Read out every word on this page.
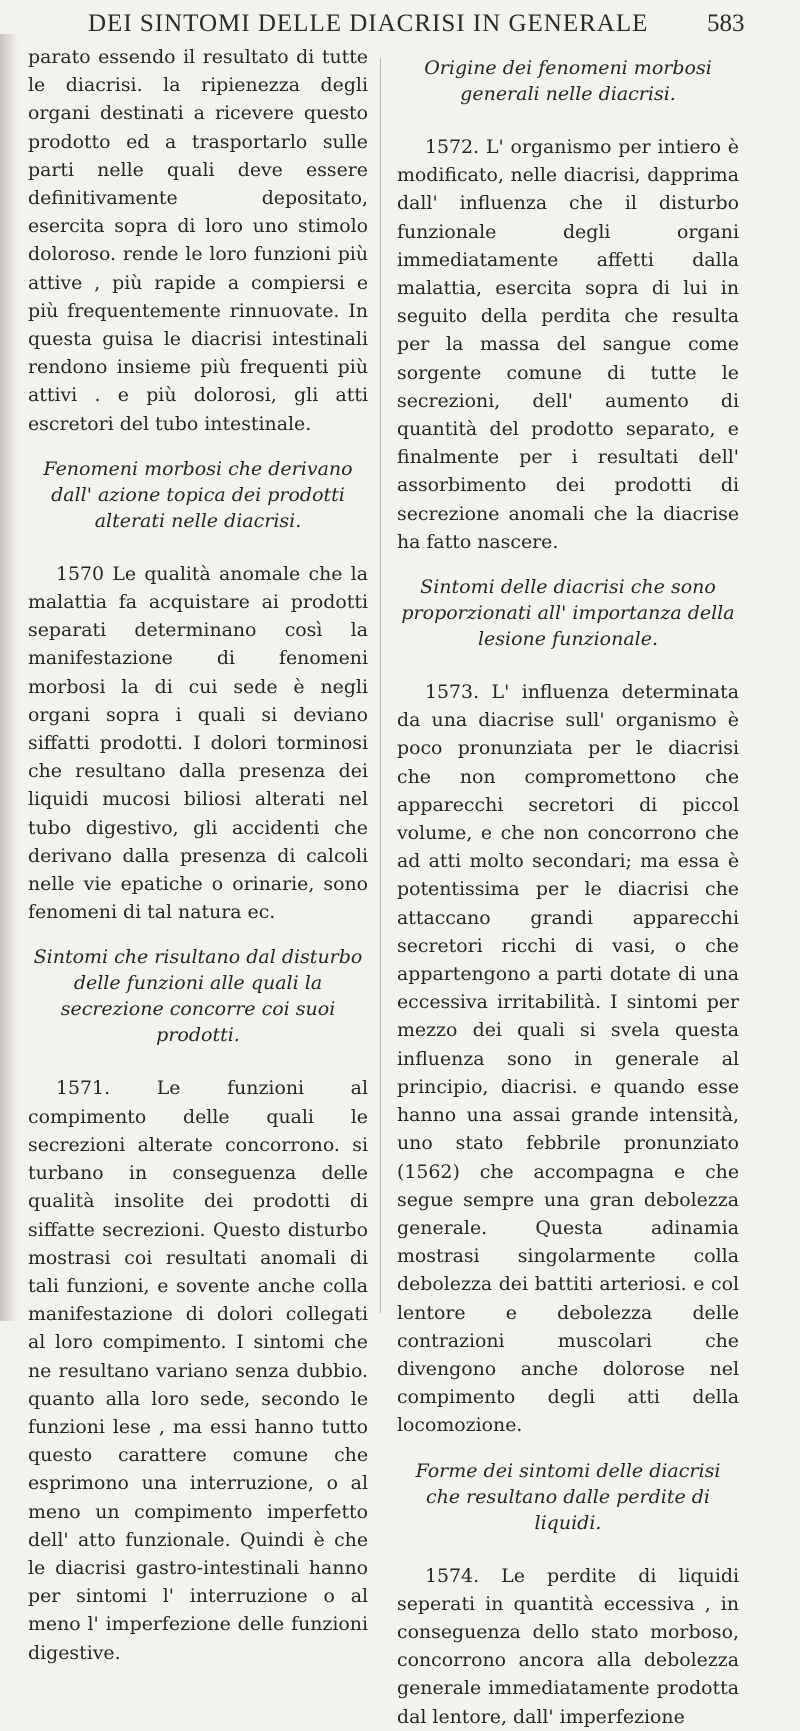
DEI SINTOMI DELLE DIACRISI IN GENERALE 583

parato essendo il resultato di tutte le diacrisi. la ripienezza degli organi destinati a ricevere questo prodotto ed a trasportarlo sulle parti nelle quali deve essere definitivamente depositato, esercita sopra di loro uno stimolo doloroso. rende le loro funzioni più attive , più rapide a compiersi e più frequentemente rinnuovate. In questa guisa le diacrisi intestinali rendono insieme più frequenti più attivi . e più dolorosi, gli atti escretori del tubo intestinale.

Fenomeni morbosi che derivano dall' azione topica dei prodotti alterati nelle diacrisi.

1570 Le qualità anomale che la malattia fa acquistare ai prodotti separati determinano così la manifestazione di fenomeni morbosi la di cui sede è negli organi sopra i quali si deviano siffatti prodotti. I dolori torminosi che resultano dalla presenza dei liquidi mucosi biliosi alterati nel tubo digestivo, gli accidenti che derivano dalla presenza di calcoli nelle vie epatiche o orinarie, sono fenomeni di tal natura ec.

Sintomi che risultano dal disturbo delle funzioni alle quali la secrezione concorre coi suoi prodotti.

1571. Le funzioni al compimento delle quali le secrezioni alterate concorrono. si turbano in conseguenza delle qualità insolite dei prodotti di siffatte secrezioni. Questo disturbo mostrasi coi resultati anomali di tali funzioni, e sovente anche colla manifestazione di dolori collegati al loro compimento. I sintomi che ne resultano variano senza dubbio. quanto alla loro sede, secondo le funzioni lese , ma essi hanno tutto questo carattere comune che esprimono una interruzione, o al meno un compimento imperfetto dell' atto funzionale. Quindi è che le diacrisi gastro-intestinali hanno per sintomi l' interruzione o al meno l' imperfezione delle funzioni digestive.

Origine dei fenomeni morbosi generali nelle diacrisi.

1572. L' organismo per intiero è modificato, nelle diacrisi, dapprima dall' influenza che il disturbo funzionale degli organi immediatamente affetti dalla malattia, esercita sopra di lui in seguito della perdita che resulta per la massa del sangue come sorgente comune di tutte le secrezioni, dell' aumento di quantità del prodotto separato, e finalmente per i resultati dell' assorbimento dei prodotti di secrezione anomali che la diacrise ha fatto nascere.

Sintomi delle diacrisi che sono proporzionati all' importanza della lesione funzionale.

1573. L' influenza determinata da una diacrise sull' organismo è poco pronunziata per le diacrisi che non compromettono che apparecchi secretori di piccol volume, e che non concorrono che ad atti molto secondari; ma essa è potentissima per le diacrisi che attaccano grandi apparecchi secretori ricchi di vasi, o che appartengono a parti dotate di una eccessiva irritabilità. I sintomi per mezzo dei quali si svela questa influenza sono in generale al principio, diacrisi. e quando esse hanno una assai grande intensità, uno stato febbrile pronunziato (1562) che accompagna e che segue sempre una gran debolezza generale. Questa adinamia mostrasi singolarmente colla debolezza dei battiti arteriosi. e col lentore e debolezza delle contrazioni muscolari che divengono anche dolorose nel compimento degli atti della locomozione.

Forme dei sintomi delle diacrisi che resultano dalle perdite di liquidi.

1574. Le perdite di liquidi seperati in quantità eccessiva , in conseguenza dello stato morboso, concorrono ancora alla debolezza generale immediatamente prodotta dal lentore, dall' imperfezione
